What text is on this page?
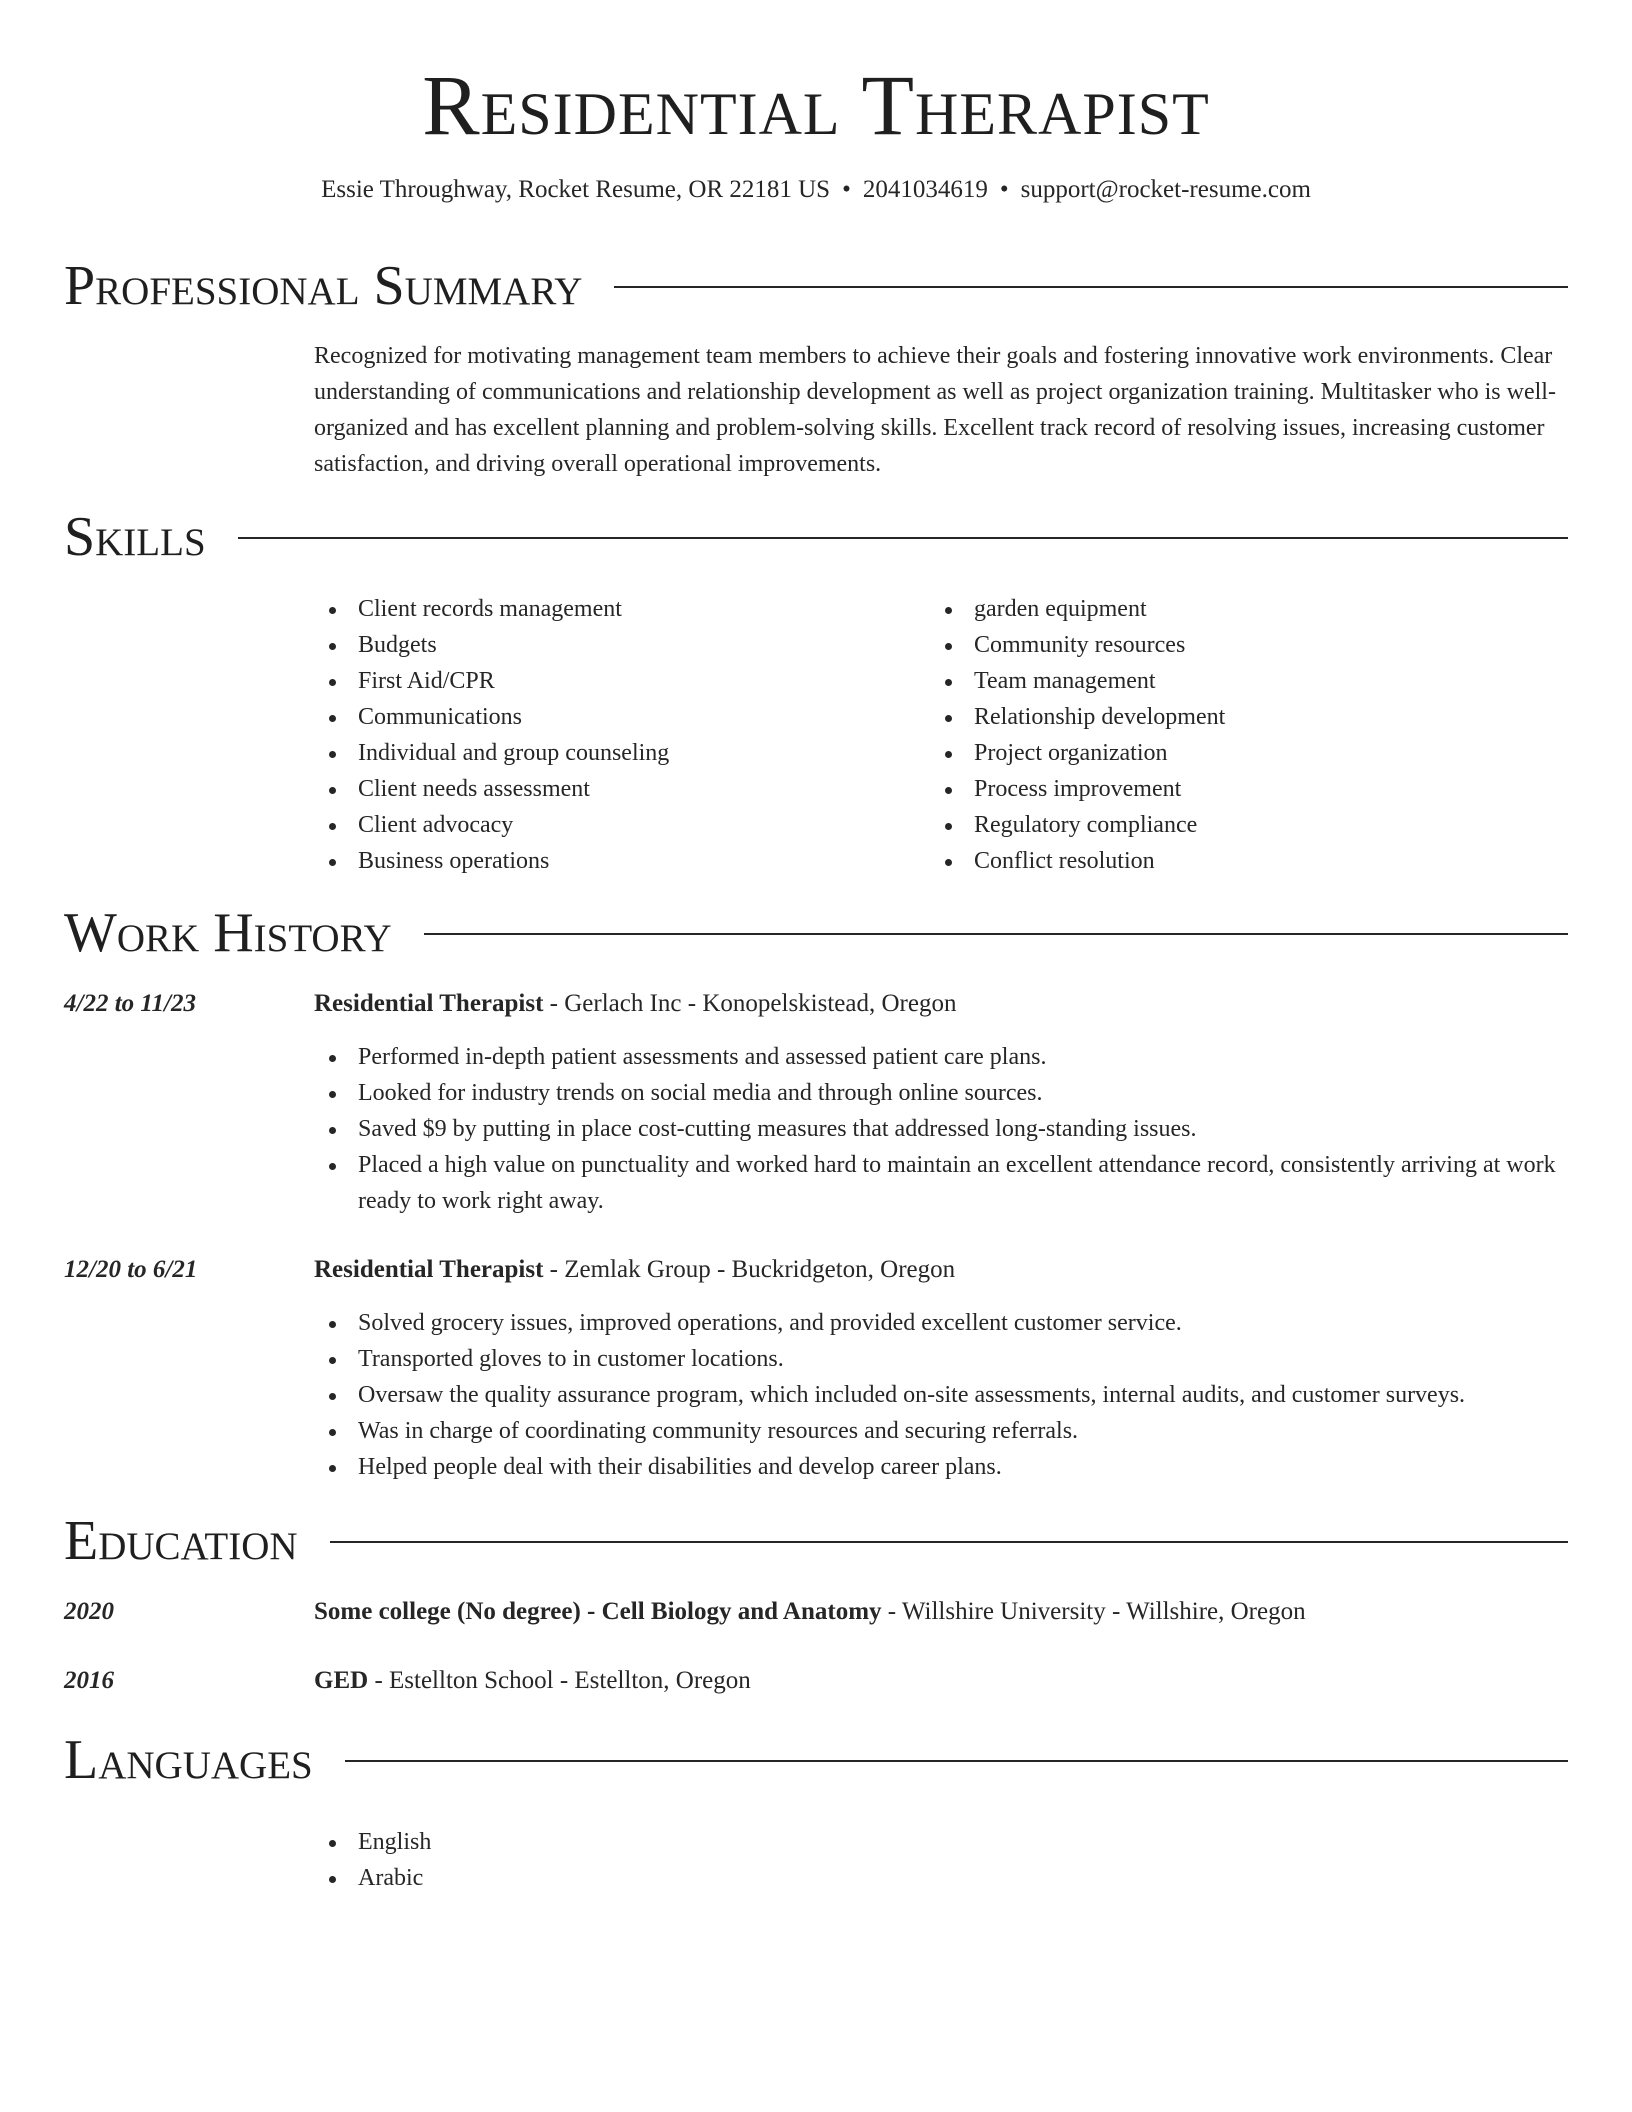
Residential Therapist
Essie Throughway, Rocket Resume, OR 22181 US • 2041034619 • support@rocket-resume.com
Professional Summary
Recognized for motivating management team members to achieve their goals and fostering innovative work environments. Clear understanding of communications and relationship development as well as project organization training. Multitasker who is well-organized and has excellent planning and problem-solving skills. Excellent track record of resolving issues, increasing customer satisfaction, and driving overall operational improvements.
Skills
Client records management
Budgets
First Aid/CPR
Communications
Individual and group counseling
Client needs assessment
Client advocacy
Business operations
garden equipment
Community resources
Team management
Relationship development
Project organization
Process improvement
Regulatory compliance
Conflict resolution
Work History
4/22 to 11/23	Residential Therapist - Gerlach Inc - Konopelskistead, Oregon
Performed in-depth patient assessments and assessed patient care plans.
Looked for industry trends on social media and through online sources.
Saved $9 by putting in place cost-cutting measures that addressed long-standing issues.
Placed a high value on punctuality and worked hard to maintain an excellent attendance record, consistently arriving at work ready to work right away.
12/20 to 6/21	Residential Therapist - Zemlak Group - Buckridgeton, Oregon
Solved grocery issues, improved operations, and provided excellent customer service.
Transported gloves to in customer locations.
Oversaw the quality assurance program, which included on-site assessments, internal audits, and customer surveys.
Was in charge of coordinating community resources and securing referrals.
Helped people deal with their disabilities and develop career plans.
Education
2020	Some college (No degree) - Cell Biology and Anatomy - Willshire University - Willshire, Oregon
2016	GED - Estellton School - Estellton, Oregon
Languages
English
Arabic
